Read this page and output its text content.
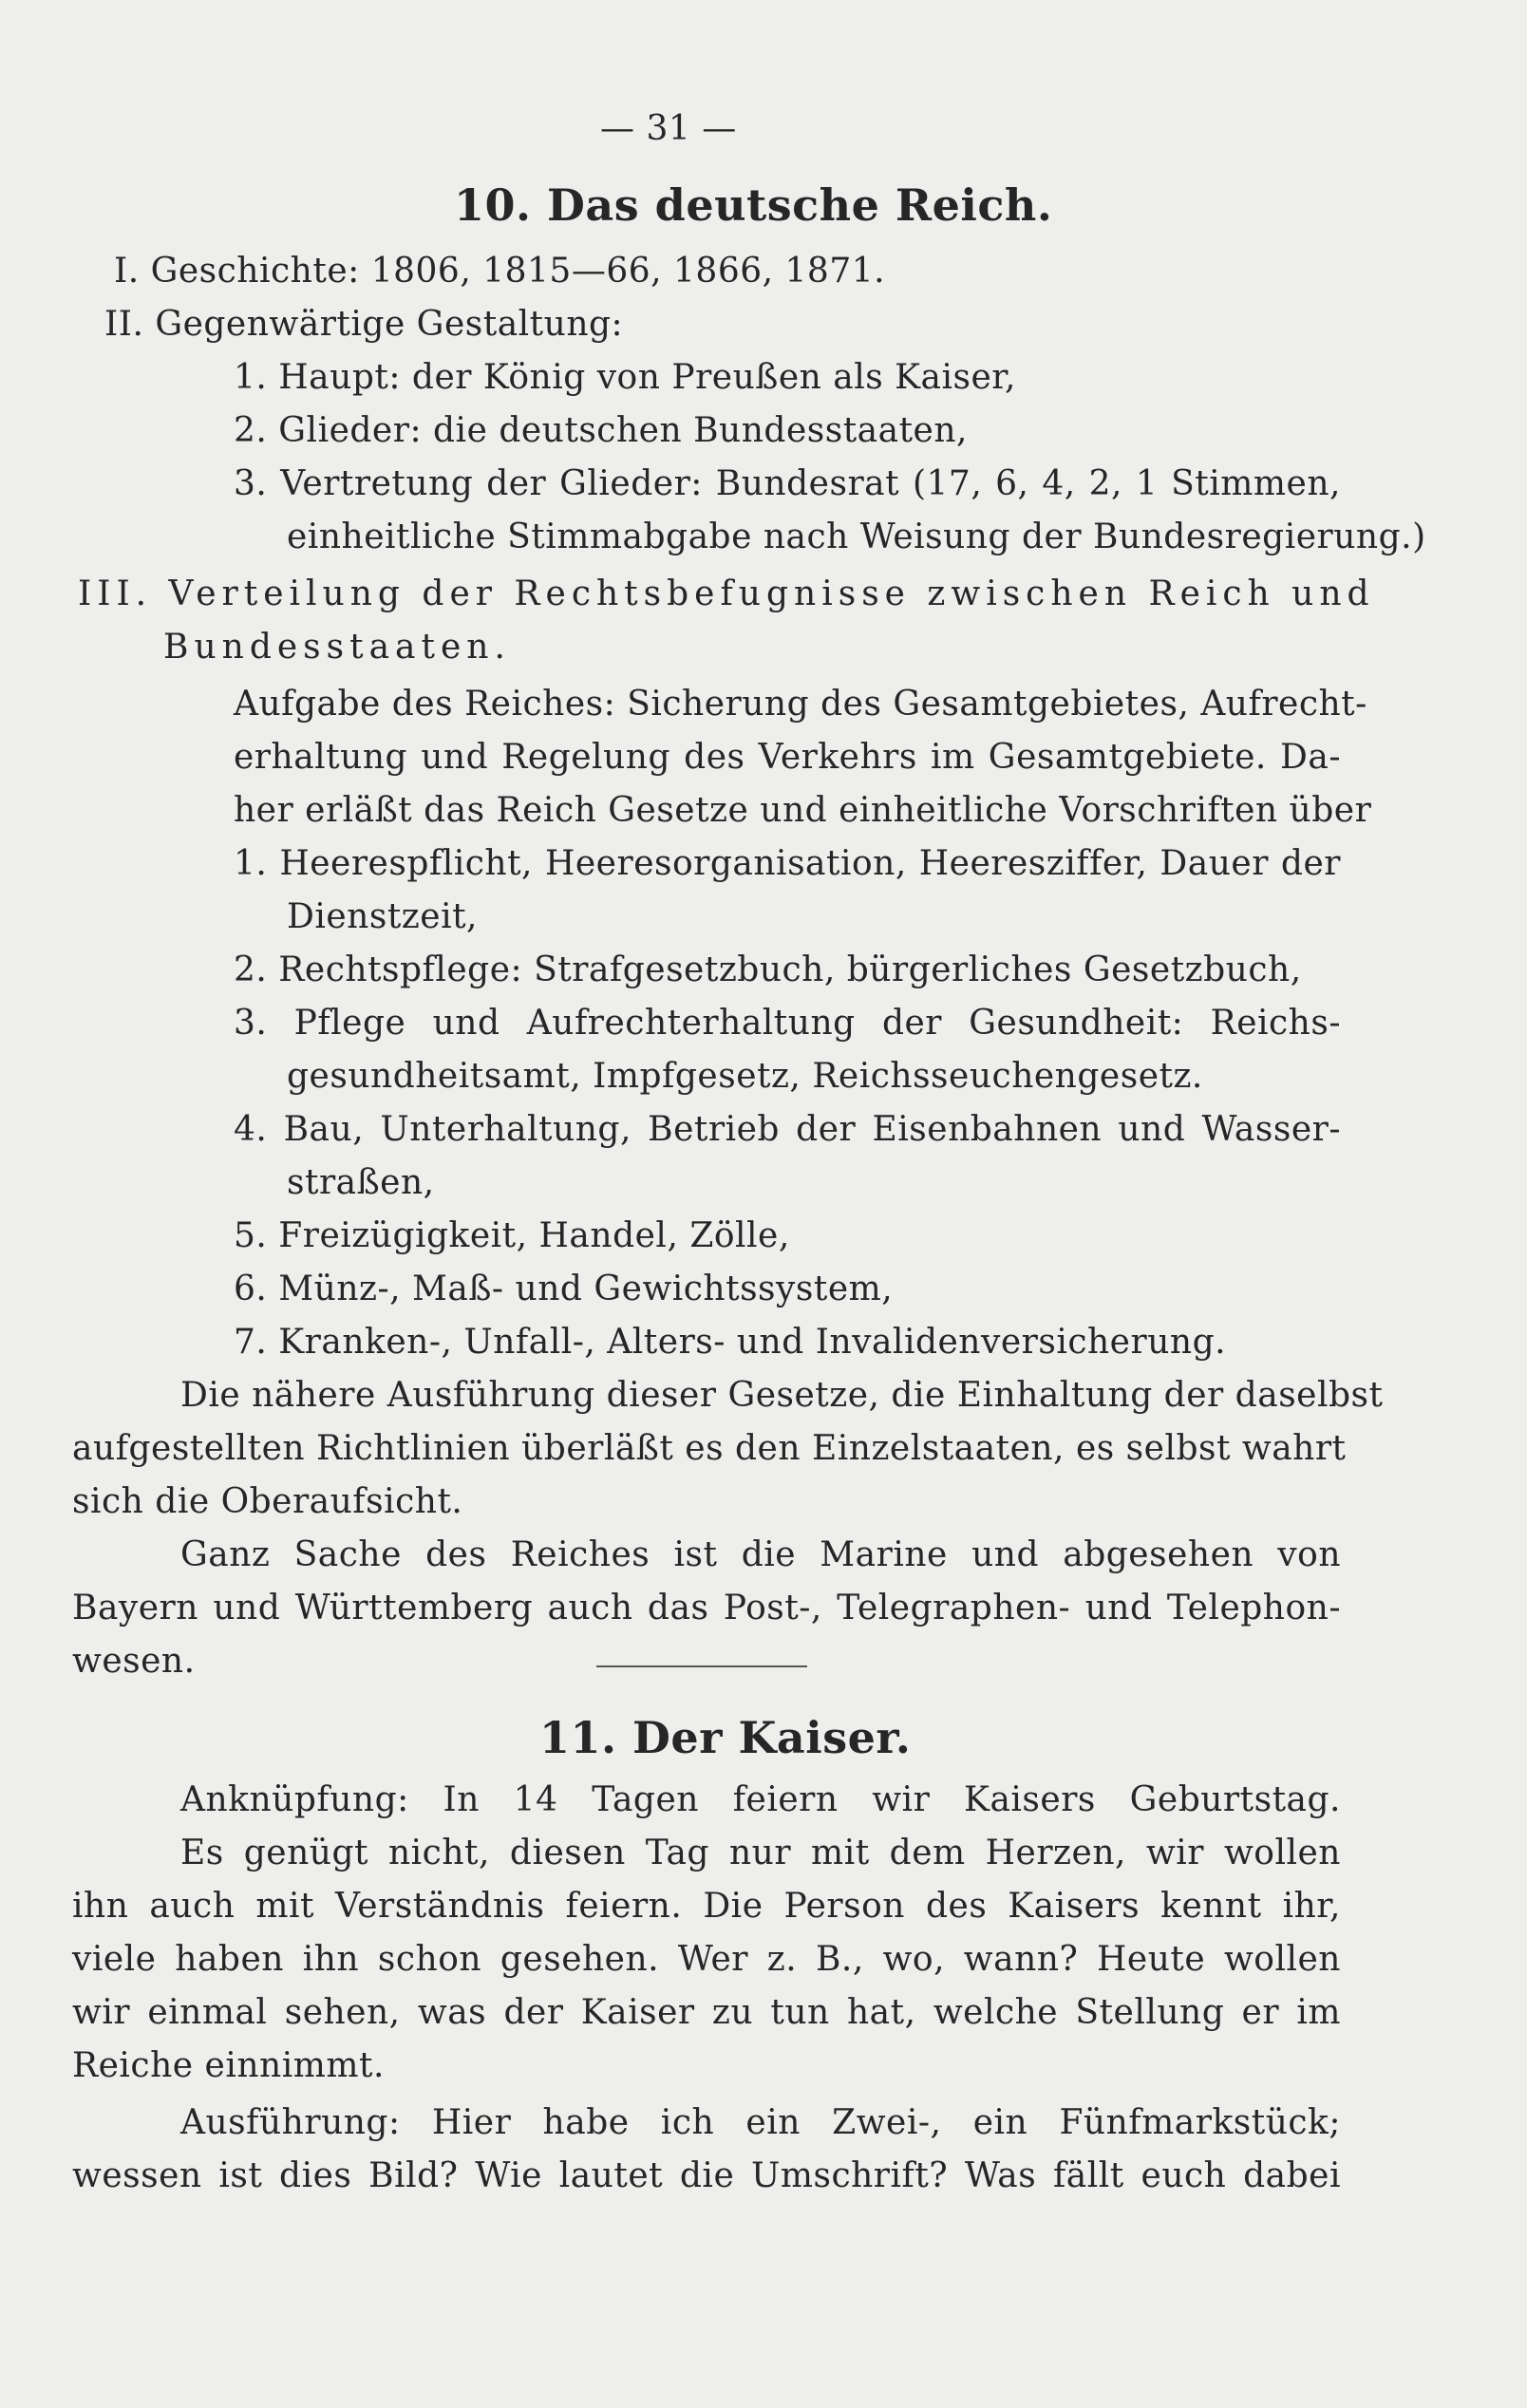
— 31 —
10. Das deutsche Reich.
I. Geschichte: 1806, 1815—66, 1866, 1871.
II. Gegenwärtige Gestaltung:
1. Haupt: der König von Preußen als Kaiser,
2. Glieder: die deutschen Bundesstaaten,
3. Vertretung der Glieder: Bundesrat (17, 6, 4, 2, 1 Stimmen,
einheitliche Stimmabgabe nach Weisung der Bundesregierung.)
III. Verteilung der Rechtsbefugnisse zwischen Reich und
Bundesstaaten.
Aufgabe des Reiches: Sicherung des Gesamtgebietes, Aufrecht-
erhaltung und Regelung des Verkehrs im Gesamtgebiete. Da-
her erläßt das Reich Gesetze und einheitliche Vorschriften über
1. Heerespflicht, Heeresorganisation, Heeresziffer, Dauer der
Dienstzeit,
2. Rechtspflege: Strafgesetzbuch, bürgerliches Gesetzbuch,
3. Pflege und Aufrechterhaltung der Gesundheit: Reichs-
gesundheitsamt, Impfgesetz, Reichsseuchengesetz.
4. Bau, Unterhaltung, Betrieb der Eisenbahnen und Wasser-
straßen,
5. Freizügigkeit, Handel, Zölle,
6. Münz-, Maß- und Gewichtssystem,
7. Kranken-, Unfall-, Alters- und Invalidenversicherung.
Die nähere Ausführung dieser Gesetze, die Einhaltung der daselbst
aufgestellten Richtlinien überläßt es den Einzelstaaten, es selbst wahrt
sich die Oberaufsicht.
Ganz Sache des Reiches ist die Marine und abgesehen von
Bayern und Württemberg auch das Post-, Telegraphen- und Telephon-
wesen.
11. Der Kaiser.
Anknüpfung: In 14 Tagen feiern wir Kaisers Geburtstag.
Es genügt nicht, diesen Tag nur mit dem Herzen, wir wollen
ihn auch mit Verständnis feiern. Die Person des Kaisers kennt ihr,
viele haben ihn schon gesehen. Wer z. B., wo, wann? Heute wollen
wir einmal sehen, was der Kaiser zu tun hat, welche Stellung er im
Reiche einnimmt.
Ausführung: Hier habe ich ein Zwei-, ein Fünfmarkstück;
wessen ist dies Bild? Wie lautet die Umschrift? Was fällt euch dabei
